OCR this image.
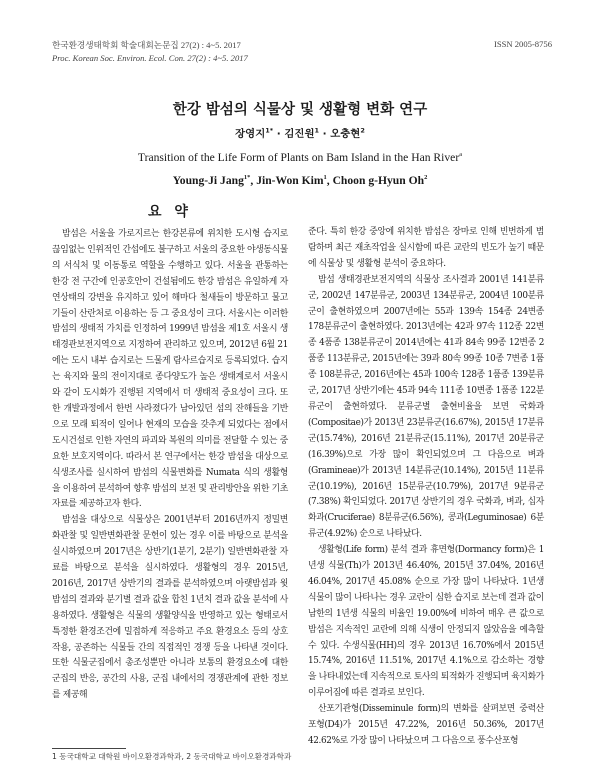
한국환경생태학회 학술대회논문집 27(2) : 4~5. 2017
Proc. Korean Soc. Environ. Ecol. Con. 27(2) : 4~5. 2017
ISSN 2005-8756
한강 밤섬의 식물상 및 생활형 변화 연구
장영지$^{1*}$ · 김진원$^1$ · 오충현$^2$
Transition of the Life Form of Plants on Bam Island in the Han River$^a$
Young-Ji Jang$^{1*}$, Jin-Won Kim$^1$, Choon g-Hyun Oh$^2$
요 약

밤섬은 서울을 가로지르는 한강본류에 위치한 도시형 습지로 끊임없는 인위적인 간섭에도 불구하고 서울의 중요한 야생동식물의 서식처 및 이동통로 역할을 수행하고 있다. 서울을 관통하는 한강 전 구간에 인공호안이 건설됨에도 한강 밤섬은 유일하게 자연상태의 강변을 유지하고 있어 해마다 철새들이 방문하고 물고기들이 산란처로 이용하는 등 그 중요성이 크다. 서울시는 이러한 밤섬의 생태적 가치를 인정하여 1999년 밤섬을 제1호 서울시 생태경관보전지역으로 지정하여 관리하고 있으며, 2012년 6월 21에는 도시 내부 습지로는 드물게 람사르습지로 등록되었다. 습지는 육지와 물의 전이지대로 종다양도가 높은 생태계로서 서울시와 같이 도시화가 진행된 지역에서 더 생태적 중요성이 크다. 또한 개발과정에서 한번 사라졌다가 남아있던 섬의 잔해들을 기반으로 모래 퇴적이 일어나 현재의 모습을 갖추게 되었다는 점에서 도시건설로 인한 자연의 파괴와 복원의 의미를 전달할 수 있는 중요한 보호지역이다. 따라서 본 연구에서는 한강 밤섬을 대상으로 식생조사를 실시하여 밤섬의 식물변화를 Numata 식의 생활형을 이용하여 분석하여 향후 밤섬의 보전 및 관리방안을 위한 기초자료를 제공하고자 한다.

밤섬을 대상으로 식물상은 2001년부터 2016년까지 정밀변화관찰 및 일반변화관찰 문헌이 있는 경우 이를 바탕으로 분석을 실시하였으며 2017년은 상반기(1분기, 2분기) 일반변화관찰 자료를 바탕으로 분석을 실시하였다. 생활형의 경우 2015년, 2016년, 2017년 상반기의 결과를 분석하였으며 아랫밤섬과 윗밤섬의 결과와 분기별 결과 값을 합친 1년치 결과 값을 분석에 사용하였다. 생활형은 식물의 생활양식을 반영하고 있는 형태로서 특정한 환경조건에 밀접하게 적응하고 주요 환경요소 등의 상호작용, 공존하는 식물들 간의 직접적인 경쟁 등을 나타낸 것이다. 또한 식물군집에서 총조성뿐만 아니라 보통의 환경요소에 대한 군집의 반응, 공간의 사용, 군집 내에서의 경쟁관계에 관한 정보를 제공해

준다. 특히 한강 중앙에 위치한 밤섬은 장마로 인해 빈번하게 범람하며 최근 재초작업을 실시함에 따른 교란의 빈도가 높기 때문에 식물상 및 생활형 분석이 중요하다.

밤섬 생태경관보전지역의 식물상 조사결과 2001년 141분류군, 2002년 147분류군, 2003년 134분류군, 2004년 100분류군이 출현하였으며 2007년에는 55과 139속 154종 24변종 178분류군이 출현하였다. 2013년에는 42과 97속 112종 22변종 4품종 138분류군이 2014년에는 41과 84속 99종 12변종 2품종 113분류군, 2015년에는 39과 80속 99종 10종 7변종 1품종 108분류군, 2016년에는 45과 100속 128종 1품종 139분류군, 2017년 상반기에는 45과 94속 111종 10변종 1품종 122분류군이 출현하였다. 분류군별 출현비율을 보면 국화과(Compositae)가 2013년 23분류군(16.67%), 2015년 17분류군(15.74%), 2016년 21분류군(15.11%), 2017년 20분류군(16.39%)으로 가장 많이 확인되었으며 그 다음으로 벼과(Gramineae)가 2013년 14분류군(10.14%), 2015년 11분류군(10.19%), 2016년 15분류군(10.79%), 2017년 9분류군(7.38%) 확인되었다. 2017년 상반기의 경우 국화과, 벼과, 십자화과(Cruciferae) 8분류군(6.56%), 콩과(Leguminosae) 6분류군(4.92%) 순으로 나타났다.

생활형(Life form) 분석 결과 휴면형(Dormancy form)은 1년생 식물(Th)가 2013년 46.40%, 2015년 37.04%, 2016년 46.04%, 2017년 45.08% 순으로 가장 많이 나타났다. 1년생 식물이 많이 나타나는 경우 교란이 심한 습지로 보는데 결과 값이 남한의 1년생 식물의 비율인 19.00%에 비하여 매우 큰 값으로 밤섬은 지속적인 교란에 의해 식생이 안정되지 않았음을 예측할 수 있다. 수생식물(HH)의 경우 2013년 16.70%에서 2015년 15.74%, 2016년 11.51%, 2017년 4.1%으로 감소하는 경향을 나타내었는데 지속적으로 토사의 퇴적화가 진행되며 육지화가 이루어짐에 따른 결과로 보인다.

산포기관형(Disseminule form)의 변화를 살펴보면 중력산포형(D4)가 2015년 47.22%, 2016년 50.36%, 2017년 42.62%로 가장 많이 나타났으며 그 다음으로 풍수산포형

1 동국대학교 대학원 바이오환경과학과, 2 동국대학교 바이오환경과학과
